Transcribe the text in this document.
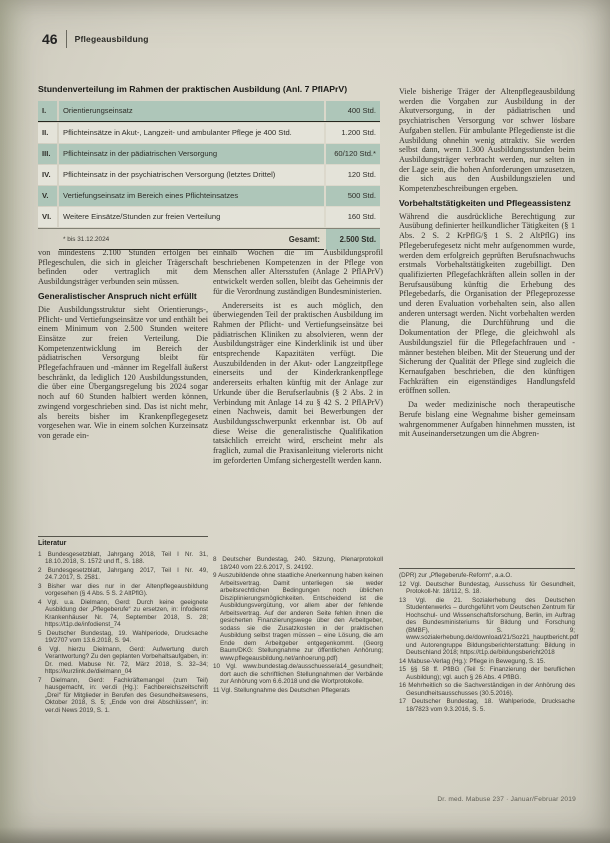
46 Pflegeausbildung

Stundenverteilung im Rahmen der praktischen Ausbildung (Anl. 7 PflAPrV)

I.	Orientierungseinsatz	400 Std.
II.	Pflichteinsätze in Akut-, Langzeit- und ambulanter Pflege je 400 Std.	1.200 Std.
III.	Pflichteinsatz in der pädiatrischen Versorgung	60/120 Std.*
IV.	Pflichteinsatz in der psychiatrischen Versorgung (letztes Drittel)	120 Std.
V.	Vertiefungseinsatz im Bereich eines Pflichteinsatzes	500 Std.
VI.	Weitere Einsätze/Stunden zur freien Verteilung	160 Std.
* bis 31.12.2024	Gesamt:	2.500 Std.

von mindestens 2.100 Stunden erfolgen bei Pflegeschulen, die sich in gleicher Trägerschaft befinden oder vertraglich mit dem Ausbildungsträger verbunden sein müssen.

Generalistischer Anspruch nicht erfüllt

Die Ausbildungsstruktur sieht Orientierungs-, Pflicht- und Vertiefungseinsätze vor und enthält bei einem Minimum von 2.500 Stunden weitere Einsätze zur freien Verteilung. Die Kompetenzentwicklung im Bereich der pädiatrischen Versorgung bleibt für Pflegefachfrauen und -männer im Regelfall äußerst beschränkt, da lediglich 120 Ausbildungsstunden, die über eine Übergangsregelung bis 2024 sogar noch auf 60 Stunden halbiert werden können, zwingend vorgeschrieben sind. Das ist nicht mehr, als bereits bisher im Krankenpflegegesetz vorgesehen war. Wie in einem solchen Kurzeinsatz von gerade ein-

einhalb Wochen die im Ausbildungsprofil beschriebenen Kompetenzen in der Pflege von Menschen aller Altersstufen (Anlage 2 PflAPrV) entwickelt werden sollen, bleibt das Geheimnis der für die Verordnung zuständigen Bundesministerien.

Andererseits ist es auch möglich, den überwiegenden Teil der praktischen Ausbildung im Rahmen der Pflicht- und Vertiefungseinsätze bei pädiatrischen Kliniken zu absolvieren, wenn der Ausbildungsträger eine Kinderklinik ist und über entsprechende Kapazitäten verfügt. Die Auszubildenden in der Akut- oder Langzeitpflege einerseits und der Kinderkrankenpflege andererseits erhalten künftig mit der Anlage zur Urkunde über die Berufserlaubnis (§ 2 Abs. 2 in Verbindung mit Anlage 14 zu § 42 S. 2 PflAPrV) einen Nachweis, damit bei Bewerbungen der Ausbildungsschwerpunkt erkennbar ist. Ob auf diese Weise die generalistische Qualifikation tatsächlich erreicht wird, erscheint mehr als fraglich, zumal die Praxisanleitung vielerorts nicht im geforderten Umfang sichergestellt werden kann.

Viele bisherige Träger der Altenpflegeausbildung werden die Vorgaben zur Ausbildung in der Akutversorgung, in der pädiatrischen und psychiatrischen Versorgung vor schwer lösbare Aufgaben stellen. Für ambulante Pflegedienste ist die Ausbildung ohnehin wenig attraktiv. Sie werden selbst dann, wenn 1.300 Ausbildungsstunden beim Ausbildungsträger verbracht werden, nur selten in der Lage sein, die hohen Anforderungen umzusetzen, die sich aus den Ausbildungszielen und Kompetenzbeschreibungen ergeben.

Vorbehaltstätigkeiten und Pflegeassistenz

Während die ausdrückliche Berechtigung zur Ausübung definierter heilkundlicher Tätigkeiten (§ 1 Abs. 2 S. 2 KrPflG/§ 1 S. 2 AltPflG) ins Pflegeberufegesetz nicht mehr aufgenommen wurde, werden dem erfolgreich geprüften Berufsnachwuchs erstmals Vorbehaltstätigkeiten zugebilligt. Den qualifizierten Pflegefachkräften allein sollen in der Berufsausübung künftig die Erhebung des Pflegebedarfs, die Organisation der Pflegeprozesse und deren Evaluation vorbehalten sein, also allen anderen untersagt werden. Nicht vorbehalten werden die Planung, die Durchführung und die Dokumentation der Pflege, die gleichwohl als Ausbildungsziel für die Pflegefachfrauen und -männer bestehen bleiben. Mit der Steuerung und der Sicherung der Qualität der Pflege sind zugleich die Kernaufgaben beschrieben, die den künftigen Fachkräften ein eigenständiges Handlungsfeld eröffnen sollen.

Da weder medizinische noch therapeutische Berufe bislang eine Wegnahme bisher gemeinsam wahrgenommener Aufgaben hinnehmen mussten, ist mit Auseinandersetzungen um die Abgren-

Literatur

1 Bundesgesetzblatt, Jahrgang 2018, Teil I Nr. 31, 18.10.2018, S. 1572 und ff., S. 188.

2 Bundesgesetzblatt, Jahrgang 2017, Teil I Nr. 49, 24.7.2017, S. 2581.

3 Bisher war dies nur in der Altenpflegeausbildung vorgesehen (§ 4 Abs. 5 S. 2 AltPflG).

4 Vgl. u.a. Dielmann, Gerd: Durch keine geeignete Ausbildung der „Pflegeberufe“ zu ersetzen, in: Infodienst Krankenhäuser Nr. 74, September 2018, S. 28; https://t1p.de/infodienst_74

5 Deutscher Bundestag, 19. Wahlperiode, Drucksache 19/2707 vom 13.6.2018, S. 94.

6 Vgl. hierzu Dielmann, Gerd: Aufwertung durch Verantwortung? Zu den geplanten Vorbehaltsaufgaben, in: Dr. med. Mabuse Nr. 72, März 2018, S. 32–34; https://kurzlink.de/dielmann_04

7 Dielmann, Gerd: Fachkräftemangel (zum Teil) hausgemacht, in: ver.di (Hg.): Fachbereichszeitschrift „Drei“ für Mitglieder in Berufen des Gesundheitswesens, Oktober 2018, S. 5; „Ende von drei Abschlüssen“, in: ver.di News 2019, S. 1.

8 Deutscher Bundestag, 240. Sitzung, Plenarprotokoll 18/240 vom 22.6.2017, S. 24192.

9 Auszubildende ohne staatliche Anerkennung haben keinen Arbeitsvertrag. Damit unterliegen sie weder arbeitsrechtlichen Bedingungen noch üblichen Disziplinierungsmöglichkeiten. Entscheidend ist die Ausbildungsvergütung, vor allem aber der fehlende Arbeitsvertrag. Auf der anderen Seite fehlen ihnen die gesicherten Finanzierungswege über den Arbeitgeber, sodass sie die Zusatzkosten in der praktischen Ausbildung selbst tragen müssen – eine Lösung, die am Ende dem Arbeitgeber entgegenkommt. (Georg Baum/DKG: Stellungnahme zur öffentlichen Anhörung; www.pflegeausbildung.net/anhoerung.pdf)

10 Vgl. www.bundestag.de/ausschuesse/a14_gesundheit; dort auch die schriftlichen Stellungnahmen der Verbände zur Anhörung vom 6.6.2018 und die Wortprotokolle.

11 Vgl. Stellungnahme des Deutschen Pflegerats

(DPR) zur „Pflegeberufe-Reform“, a.a.O.

12 Vgl. Deutscher Bundestag, Ausschuss für Gesundheit, Protokoll-Nr. 18/112, S. 18.

13 Vgl. die 21. Sozialerhebung des Deutschen Studentenwerks – durchgeführt vom Deutschen Zentrum für Hochschul- und Wissenschaftsforschung, Berlin, im Auftrag des Bundesministeriums für Bildung und Forschung (BMBF), S. 9; www.sozialerhebung.de/download/21/Soz21_hauptbericht.pdf und Autorengruppe Bildungsberichterstattung: Bildung in Deutschland 2018; https://t1p.de/bildungsbericht2018

14 Mabuse-Verlag (Hg.): Pflege in Bewegung, S. 15.

15 §§ 58 ff. PflBG (Teil 5: Finanzierung der beruflichen Ausbildung); vgl. auch § 26 Abs. 4 PflBG.

16 Mehrheitlich so die Sachverständigen in der Anhörung des Gesundheitsausschusses (30.5.2016).

17 Deutscher Bundestag, 18. Wahlperiode, Drucksache 18/7823 vom 9.3.2016, S. 5.

Dr. med. Mabuse 237 · Januar/Februar 2019
